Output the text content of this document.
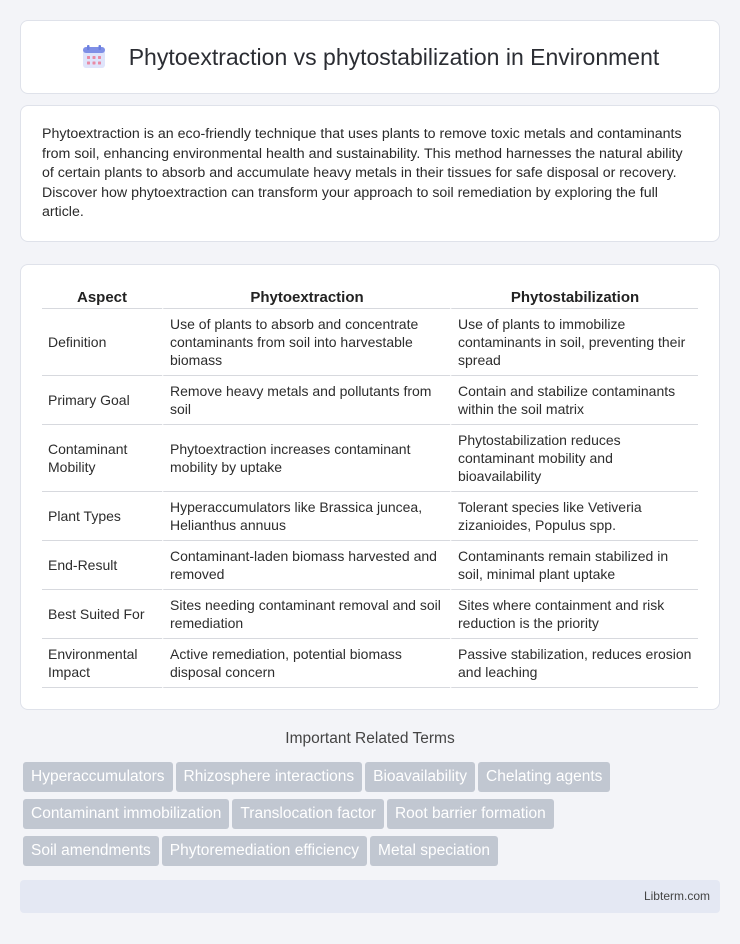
Phytoextraction vs phytostabilization in Environment

Phytoextraction is an eco-friendly technique that uses plants to remove toxic metals and contaminants from soil, enhancing environmental health and sustainability. This method harnesses the natural ability of certain plants to absorb and accumulate heavy metals in their tissues for safe disposal or recovery. Discover how phytoextraction can transform your approach to soil remediation by exploring the full article.

Aspect	Phytoextraction	Phytostabilization
Definition	Use of plants to absorb and concentrate contaminants from soil into harvestable biomass	Use of plants to immobilize contaminants in soil, preventing their spread
Primary Goal	Remove heavy metals and pollutants from soil	Contain and stabilize contaminants within the soil matrix
Contaminant Mobility	Phytoextraction increases contaminant mobility by uptake	Phytostabilization reduces contaminant mobility and bioavailability
Plant Types	Hyperaccumulators like Brassica juncea, Helianthus annuus	Tolerant species like Vetiveria zizanioides, Populus spp.
End-Result	Contaminant-laden biomass harvested and removed	Contaminants remain stabilized in soil, minimal plant uptake
Best Suited For	Sites needing contaminant removal and soil remediation	Sites where containment and risk reduction is the priority
Environmental Impact	Active remediation, potential biomass disposal concern	Passive stabilization, reduces erosion and leaching
Important Related Terms
Hyperaccumulators Rhizosphere interactions Bioavailability Chelating agents
Contaminant immobilization Translocation factor Root barrier formation
Soil amendments Phytoremediation efficiency Metal speciation
Libterm.com
